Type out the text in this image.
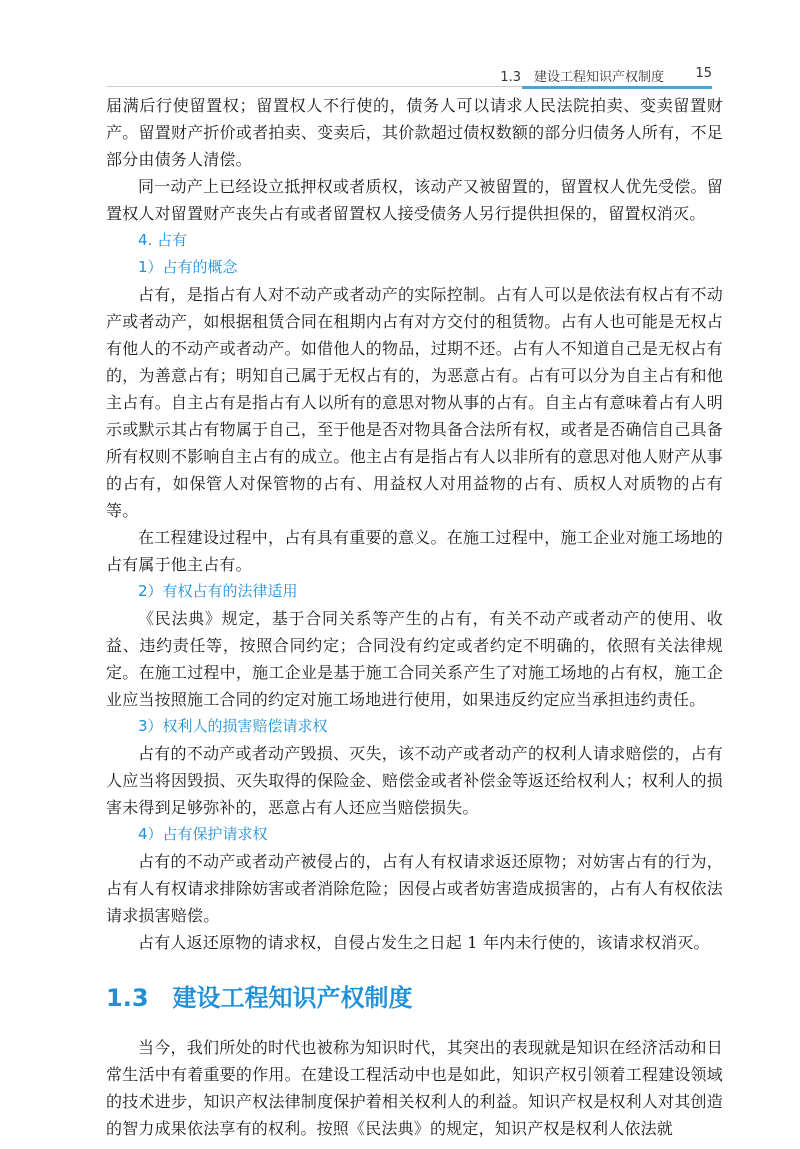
1.3　建设工程知识产权制度 15

届满后行使留置权；留置权人不行使的，债务人可以请求人民法院拍卖、变卖留置财产。留置财产折价或者拍卖、变卖后，其价款超过债权数额的部分归债务人所有，不足部分由债务人清偿。

同一动产上已经设立抵押权或者质权，该动产又被留置的，留置权人优先受偿。留置权人对留置财产丧失占有或者留置权人接受债务人另行提供担保的，留置权消灭。

4. 占有
1）占有的概念

占有，是指占有人对不动产或者动产的实际控制。占有人可以是依法有权占有不动产或者动产，如根据租赁合同在租期内占有对方交付的租赁物。占有人也可能是无权占有他人的不动产或者动产。如借他人的物品，过期不还。占有人不知道自己是无权占有的，为善意占有；明知自己属于无权占有的，为恶意占有。占有可以分为自主占有和他主占有。自主占有是指占有人以所有的意思对物从事的占有。自主占有意味着占有人明示或默示其占有物属于自己，至于他是否对物具备合法所有权，或者是否确信自己具备所有权则不影响自主占有的成立。他主占有是指占有人以非所有的意思对他人财产从事的占有，如保管人对保管物的占有、用益权人对用益物的占有、质权人对质物的占有等。

在工程建设过程中，占有具有重要的意义。在施工过程中，施工企业对施工场地的占有属于他主占有。

2）有权占有的法律适用

《民法典》规定，基于合同关系等产生的占有，有关不动产或者动产的使用、收益、违约责任等，按照合同约定；合同没有约定或者约定不明确的，依照有关法律规定。在施工过程中，施工企业是基于施工合同关系产生了对施工场地的占有权，施工企业应当按照施工合同的约定对施工场地进行使用，如果违反约定应当承担违约责任。

3）权利人的损害赔偿请求权

占有的不动产或者动产毁损、灭失，该不动产或者动产的权利人请求赔偿的，占有人应当将因毁损、灭失取得的保险金、赔偿金或者补偿金等返还给权利人；权利人的损害未得到足够弥补的，恶意占有人还应当赔偿损失。

4）占有保护请求权

占有的不动产或者动产被侵占的，占有人有权请求返还原物；对妨害占有的行为，占有人有权请求排除妨害或者消除危险；因侵占或者妨害造成损害的，占有人有权依法请求损害赔偿。

占有人返还原物的请求权，自侵占发生之日起 1 年内未行使的，该请求权消灭。

1.3 建设工程知识产权制度

当今，我们所处的时代也被称为知识时代，其突出的表现就是知识在经济活动和日常生活中有着重要的作用。在建设工程活动中也是如此，知识产权引领着工程建设领域的技术进步，知识产权法律制度保护着相关权利人的利益。知识产权是权利人对其创造的智力成果依法享有的权利。按照《民法典》的规定，知识产权是权利人依法就
